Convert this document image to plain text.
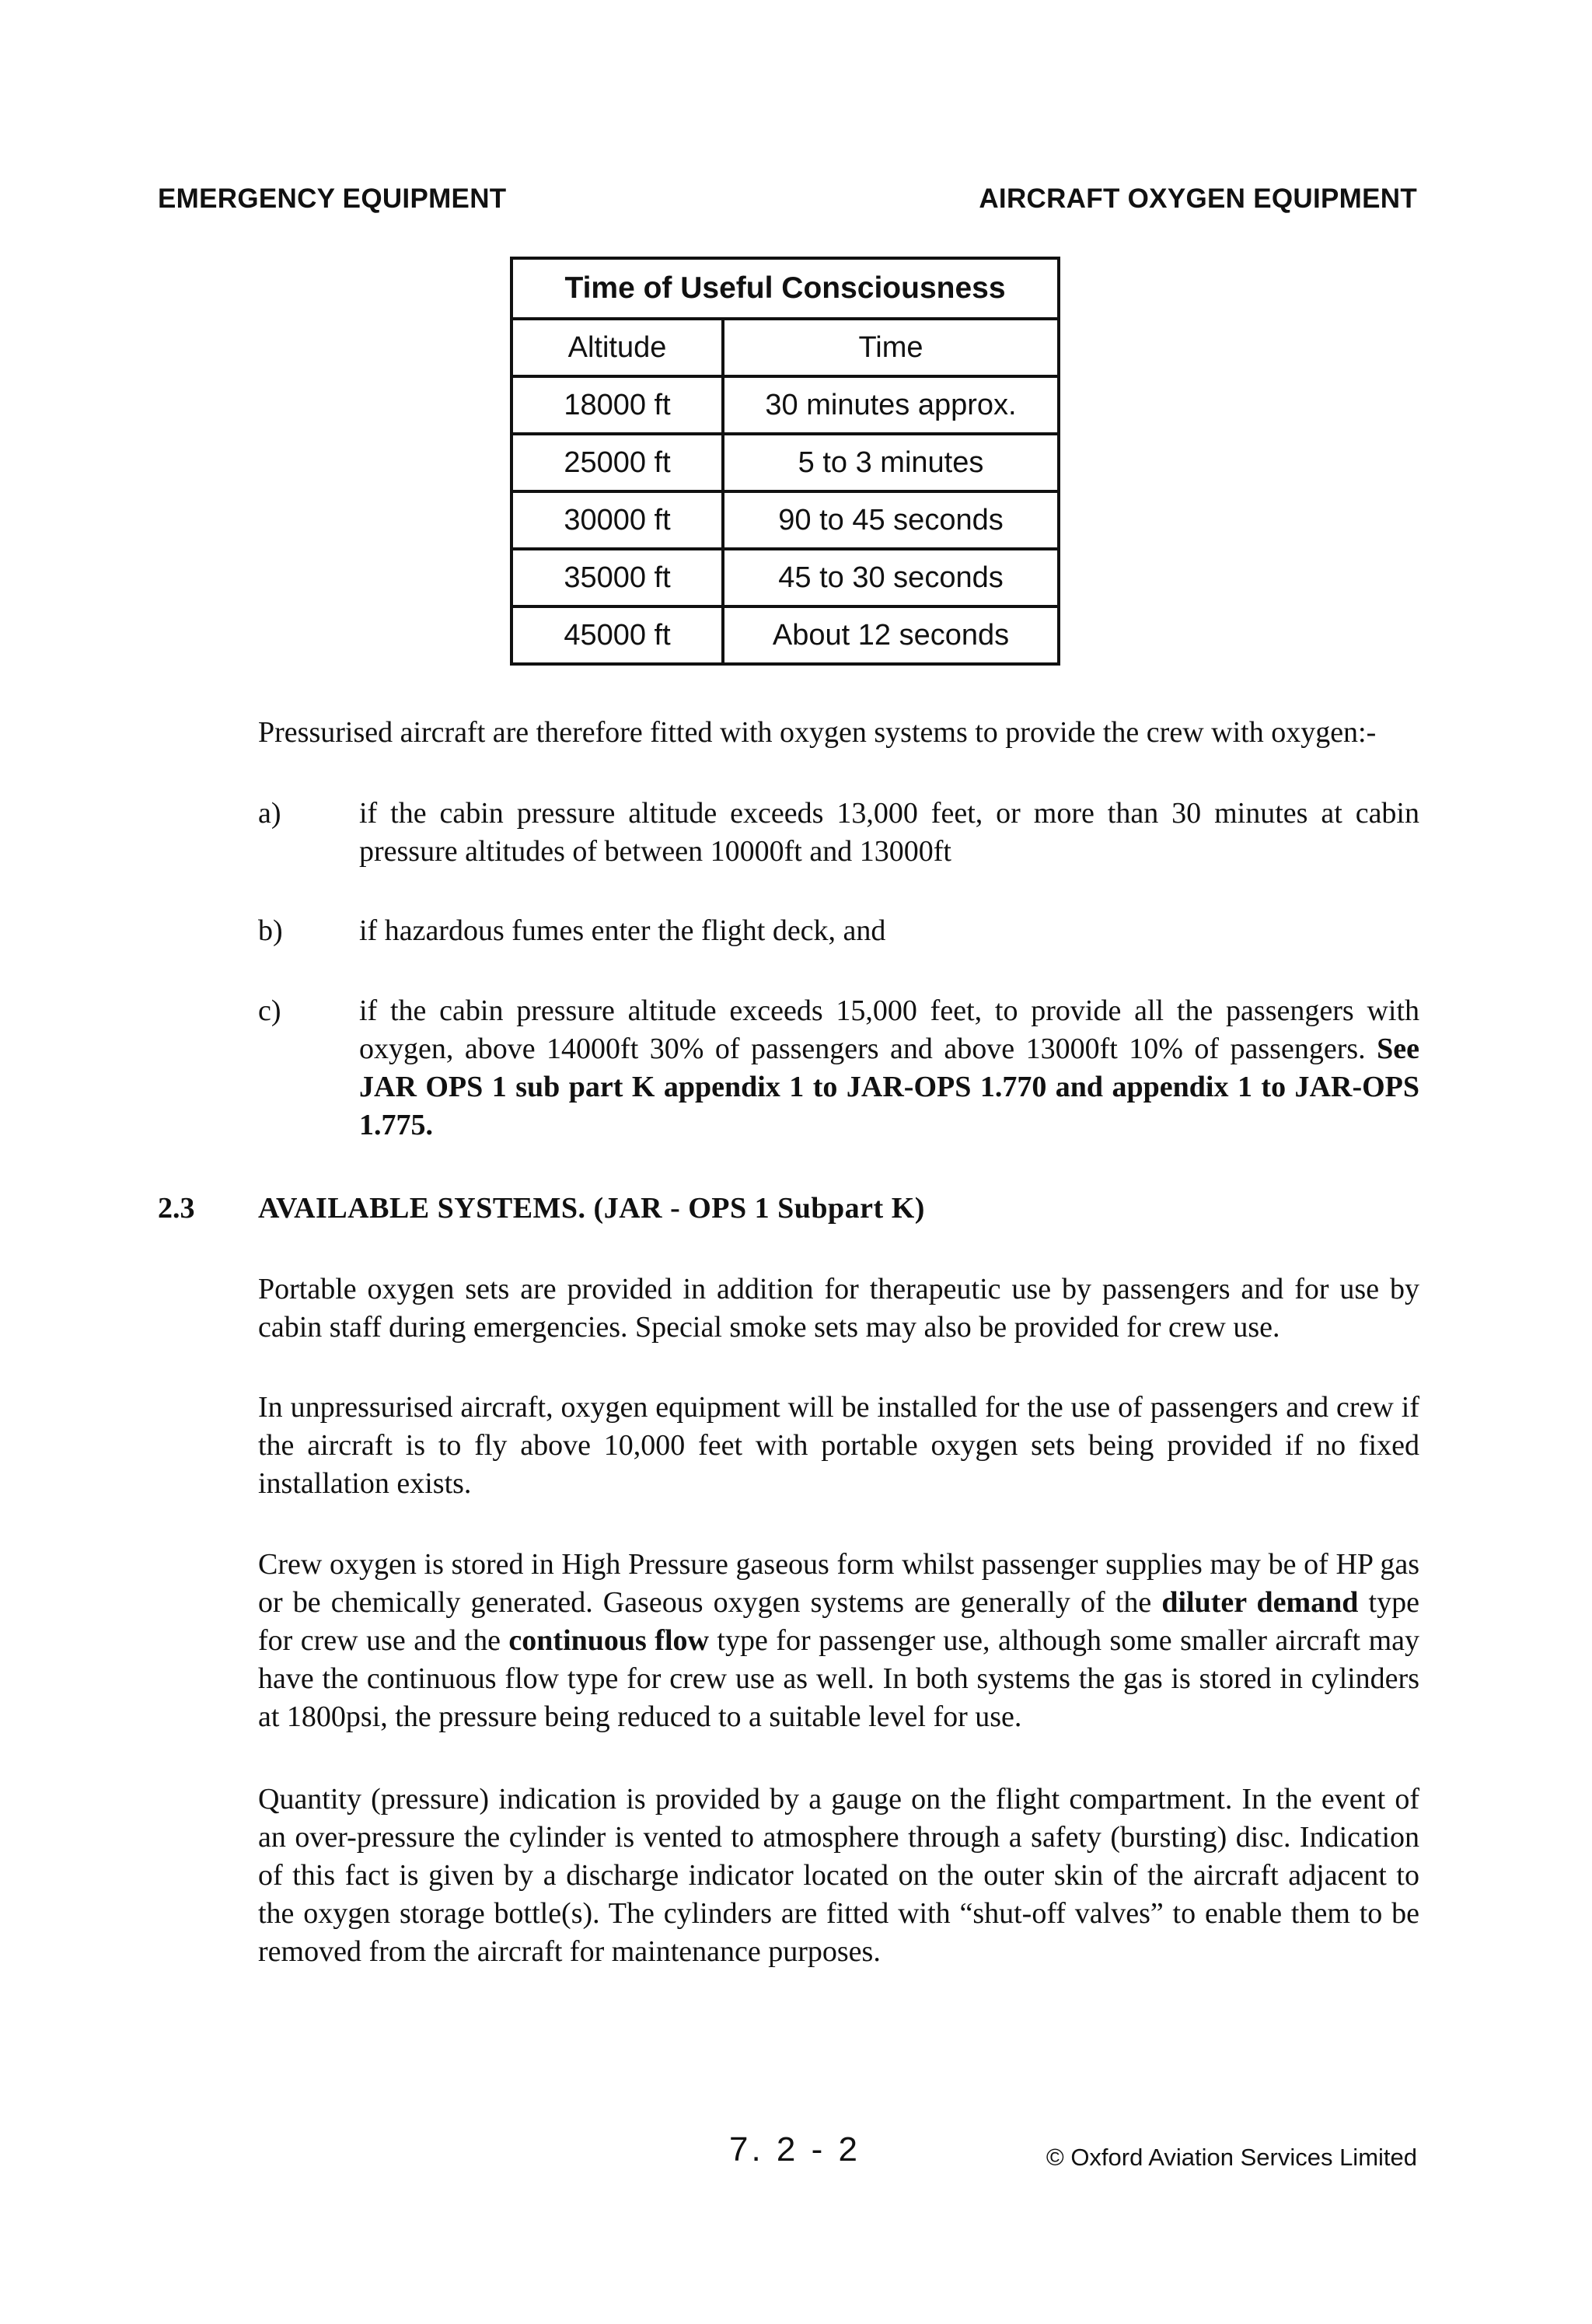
EMERGENCY EQUIPMENT	AIRCRAFT OXYGEN EQUIPMENT
Time of Useful Consciousness	
Altitude	Time
18000 ft	30 minutes approx.
25000 ft	5 to 3 minutes
30000 ft	90 to 45 seconds
35000 ft	45 to 30 seconds
45000 ft	About 12 seconds
Pressurised aircraft are therefore fitted with oxygen systems to provide the crew with oxygen:-
a)	if the cabin pressure altitude exceeds 13,000 feet, or more than 30 minutes at cabin pressure altitudes of between 10000ft and 13000ft
b)	if hazardous fumes enter the flight deck, and
c)	if the cabin pressure altitude exceeds 15,000 feet, to provide all the passengers with oxygen, above 14000ft 30% of passengers and above 13000ft 10% of passengers. See JAR OPS 1 sub part K appendix 1 to JAR-OPS 1.770 and appendix 1 to JAR-OPS 1.775.
2.3 AVAILABLE SYSTEMS. (JAR - OPS 1 Subpart K)
Portable oxygen sets are provided in addition for therapeutic use by passengers and for use by cabin staff during emergencies. Special smoke sets may also be provided for crew use.
In unpressurised aircraft, oxygen equipment will be installed for the use of passengers and crew if the aircraft is to fly above 10,000 feet with portable oxygen sets being provided if no fixed installation exists.
Crew oxygen is stored in High Pressure gaseous form whilst passenger supplies may be of HP gas or be chemically generated. Gaseous oxygen systems are generally of the diluter demand type for crew use and the continuous flow type for passenger use, although some smaller aircraft may have the continuous flow type for crew use as well. In both systems the gas is stored in cylinders at 1800psi, the pressure being reduced to a suitable level for use.
Quantity (pressure) indication is provided by a gauge on the flight compartment. In the event of an over-pressure the cylinder is vented to atmosphere through a safety (bursting) disc. Indication of this fact is given by a discharge indicator located on the outer skin of the aircraft adjacent to the oxygen storage bottle(s). The cylinders are fitted with “shut-off valves” to enable them to be removed from the aircraft for maintenance purposes.
7. 2 - 2	© Oxford Aviation Services Limited
